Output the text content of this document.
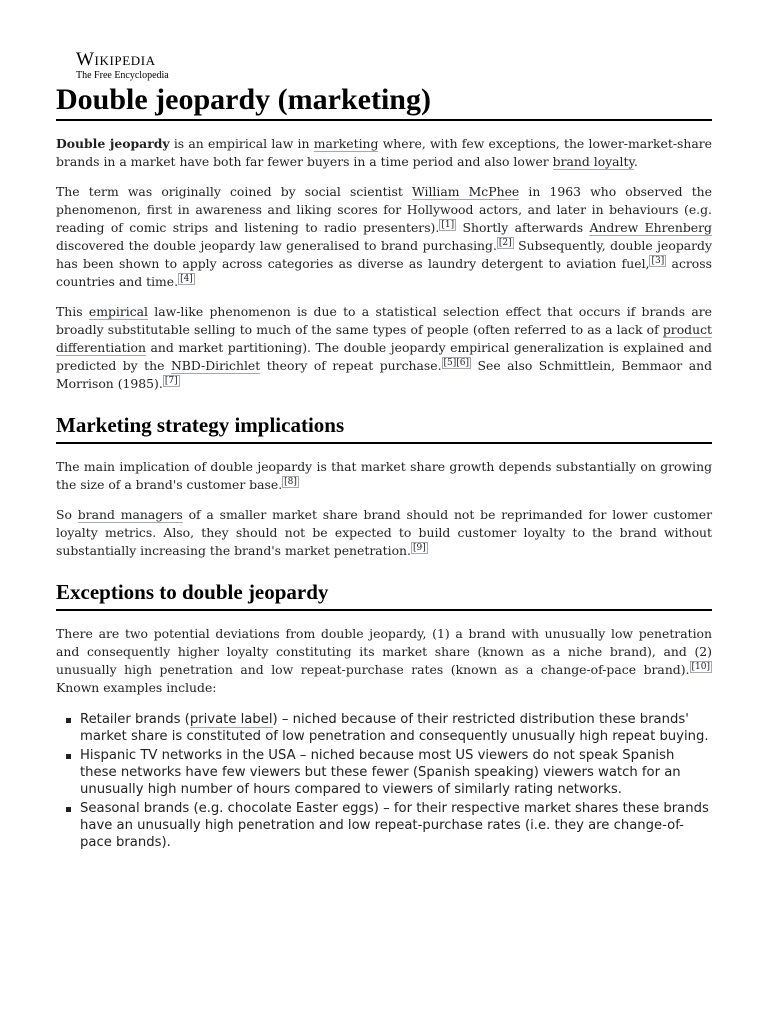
Wikipedia
The Free Encyclopedia
Double jeopardy (marketing)

Double jeopardy is an empirical law in marketing where, with few exceptions, the lower-market-share brands in a market have both far fewer buyers in a time period and also lower brand loyalty.

The term was originally coined by social scientist William McPhee in 1963 who observed the phenomenon, first in awareness and liking scores for Hollywood actors, and later in behaviours (e.g. reading of comic strips and listening to radio presenters). [1] Shortly afterwards Andrew Ehrenberg discovered the double jeopardy law generalised to brand purchasing. [2] Subsequently, double jeopardy has been shown to apply across categories as diverse as laundry detergent to aviation fuel, [3] across countries and time. [4]

This empirical law-like phenomenon is due to a statistical selection effect that occurs if brands are broadly substitutable selling to much of the same types of people (often referred to as a lack of product differentiation and market partitioning). The double jeopardy empirical generalization is explained and predicted by the NBD-Dirichlet theory of repeat purchase. [5][6] See also Schmittlein, Bemmaor and Morrison (1985). [7]

Marketing strategy implications

The main implication of double jeopardy is that market share growth depends substantially on growing the size of a brand's customer base. [8]

So brand managers of a smaller market share brand should not be reprimanded for lower customer loyalty metrics. Also, they should not be expected to build customer loyalty to the brand without substantially increasing the brand's market penetration. [9]

Exceptions to double jeopardy

There are two potential deviations from double jeopardy, (1) a brand with unusually low penetration and consequently higher loyalty constituting its market share (known as a niche brand), and (2) unusually high penetration and low repeat-purchase rates (known as a change-of-pace brand). [10] Known examples include:

Retailer brands (private label) – niched because of their restricted distribution these brands' market share is constituted of low penetration and consequently unusually high repeat buying.
Hispanic TV networks in the USA – niched because most US viewers do not speak Spanish these networks have few viewers but these fewer (Spanish speaking) viewers watch for an unusually high number of hours compared to viewers of similarly rating networks.
Seasonal brands (e.g. chocolate Easter eggs) – for their respective market shares these brands have an unusually high penetration and low repeat-purchase rates (i.e. they are change-of-pace brands).
